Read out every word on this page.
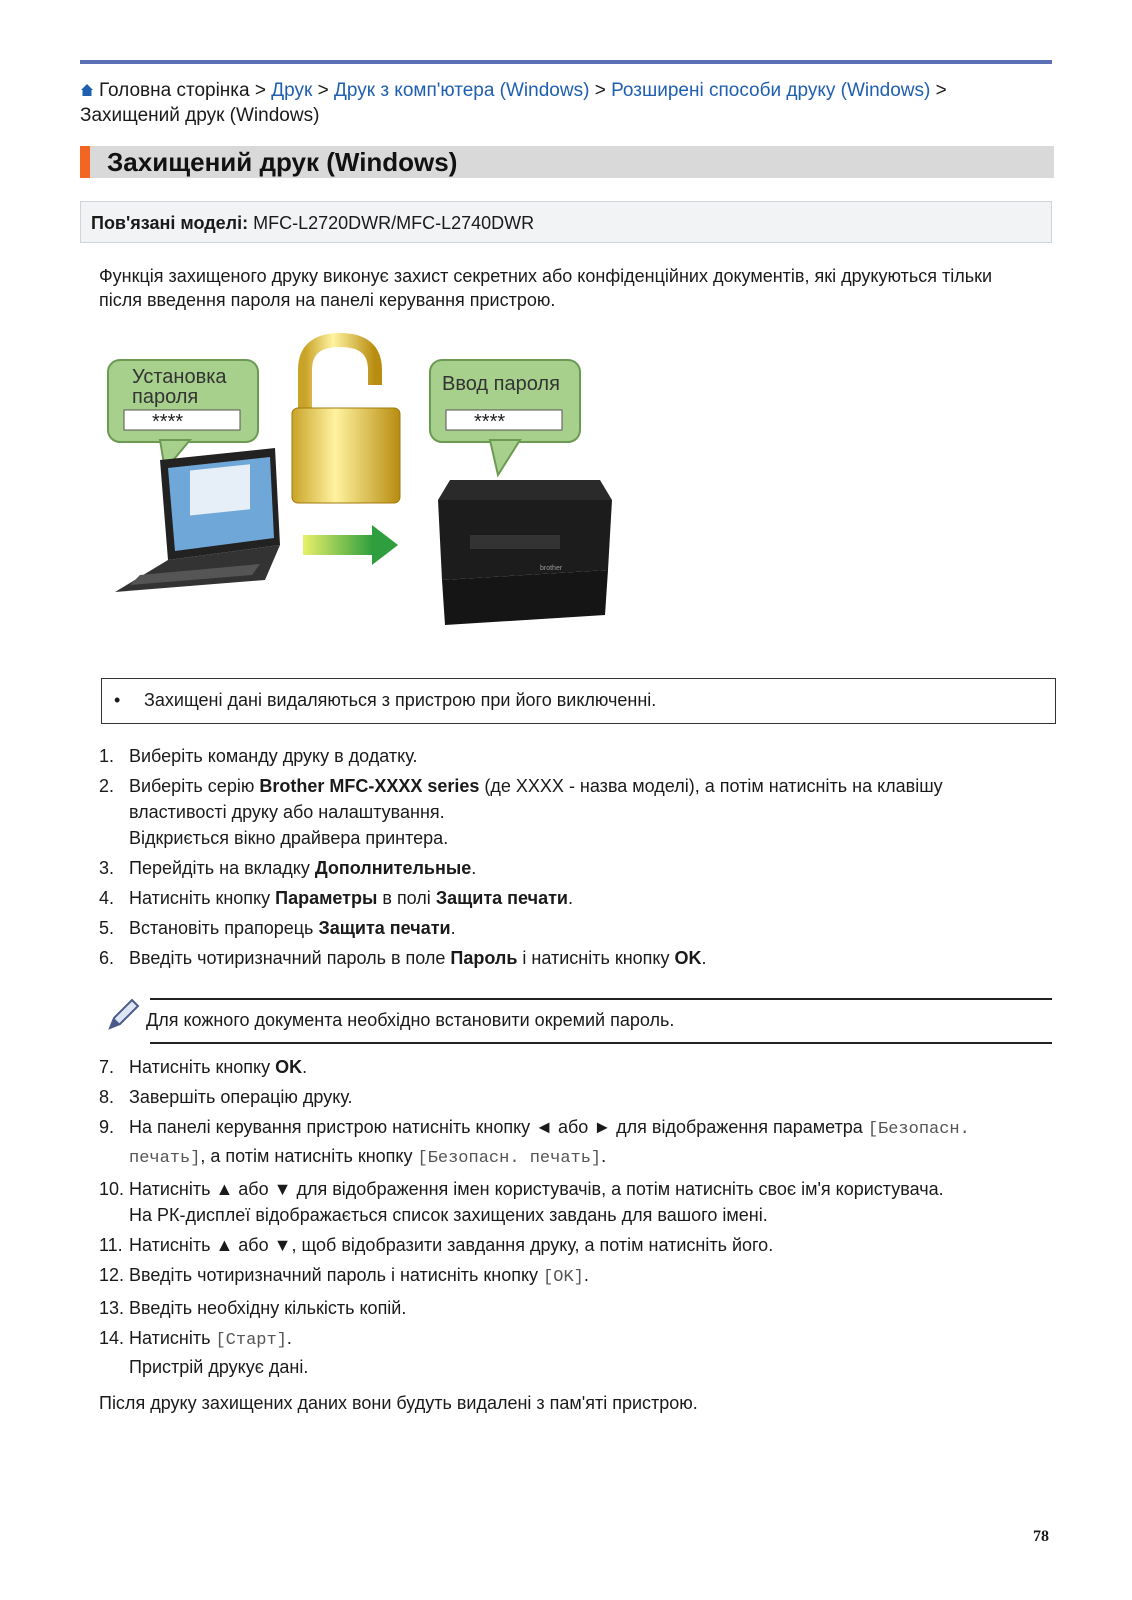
Головна сторінка > Друк > Друк з комп'ютера (Windows) > Розширені способи друку (Windows) >
Захищений друк (Windows)
Захищений друк (Windows)
Пов'язані моделі: MFC-L2720DWR/MFC-L2740DWR
Функція захищеного друку виконує захист секретних або конфіденційних документів, які друкуються тільки після введення пароля на панелі керування пристрою.
Установка
пароля
****
Ввод пароля
****
brother
• Захищені дані видаляються з пристрою при його виключенні.
1. Виберіть команду друку в додатку.
2. Виберіть серію Brother MFC-XXXX series (де XXXX - назва моделі), а потім натисніть на клавішу властивості друку або налаштування.
Відкриється вікно драйвера принтера.
3. Перейдіть на вкладку Дополнительные.
4. Натисніть кнопку Параметры в полі Защита печати.
5. Встановіть прапорець Защита печати.
6. Введіть чотиризначний пароль в поле Пароль і натисніть кнопку OK.
Для кожного документа необхідно встановити окремий пароль.
7. Натисніть кнопку OK.
8. Завершіть операцію друку.
9. На панелі керування пристрою натисніть кнопку ◄ або ► для відображення параметра [Безопасн. печать], а потім натисніть кнопку [Безопасн. печать].
10. Натисніть ▲ або ▼ для відображення імен користувачів, а потім натисніть своє ім'я користувача.
На РК-дисплеї відображається список захищених завдань для вашого імені.
11. Натисніть ▲ або ▼, щоб відобразити завдання друку, а потім натисніть його.
12. Введіть чотиризначний пароль і натисніть кнопку [OK].
13. Введіть необхідну кількість копій.
14. Натисніть [Старт].
Пристрій друкує дані.
Після друку захищених даних вони будуть видалені з пам'яті пристрою.
78
